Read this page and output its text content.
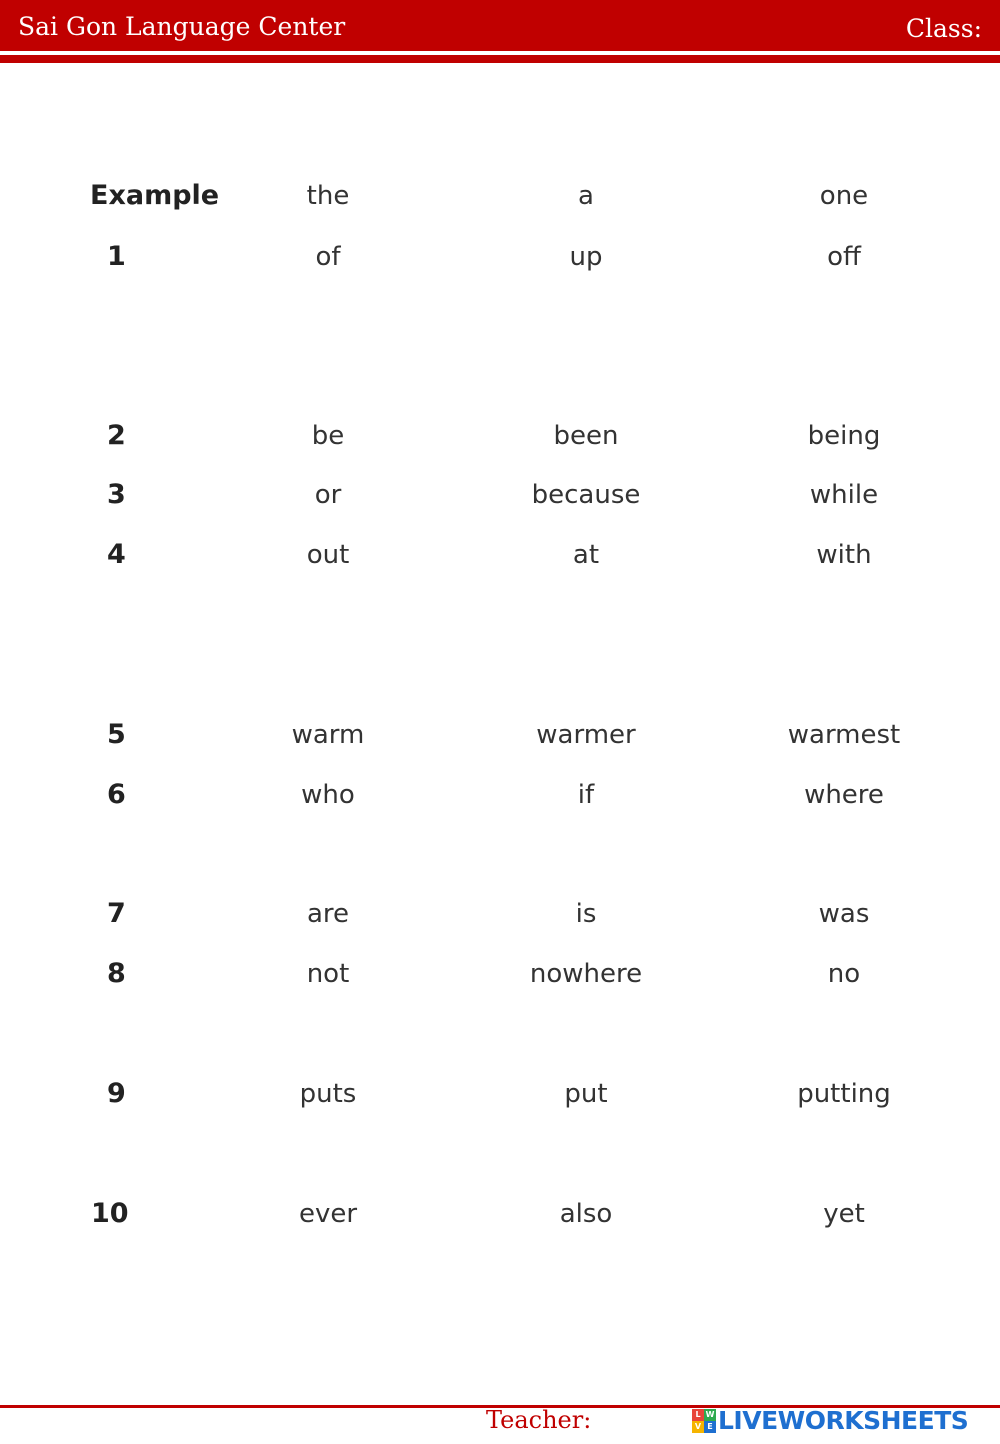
Sai Gon Language Center	Class:
Example	the	a	one
1	of	up	off
2	be	been	being
3	or	because	while
4	out	at	with
5	warm	warmer	warmest
6	who	if	where
7	are	is	was
8	not	nowhere	no
9	puts	put	putting
10	ever	also	yet
Teacher:	L W
V E LIVEWORKSHEETS
